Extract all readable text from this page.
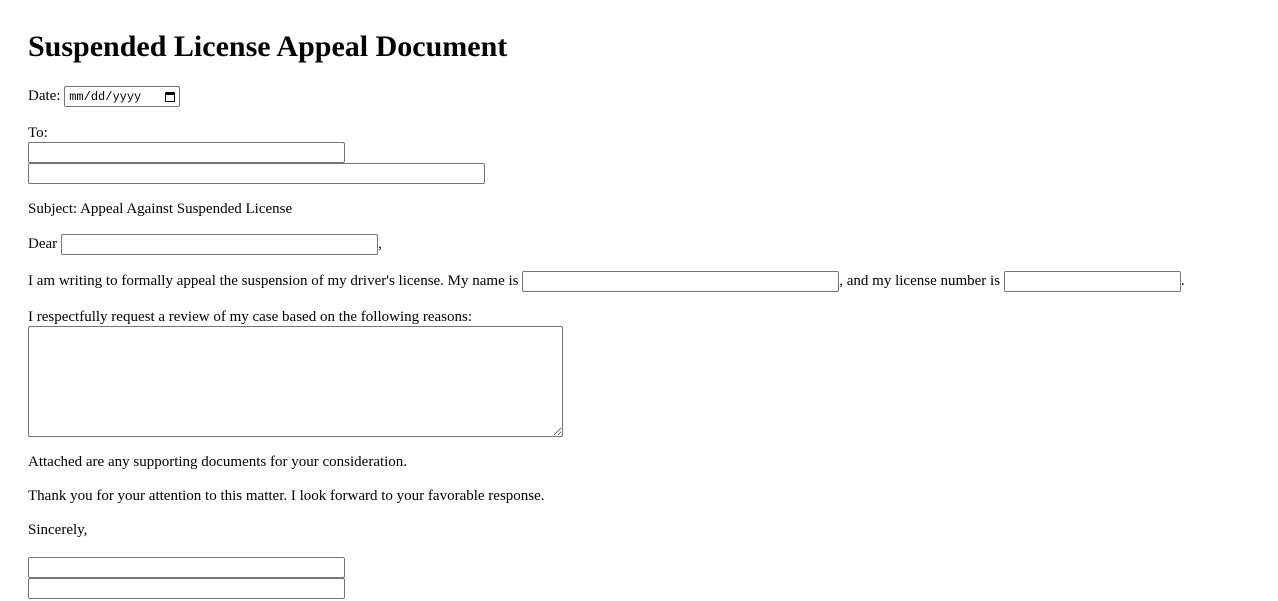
Suspended License Appeal Document
Date: mm/dd/yyyy
To:
Subject: Appeal Against Suspended License
Dear	,
I am writing to formally appeal the suspension of my driver's license. My name is	, and my license number is	.
I respectfully request a review of my case based on the following reasons:
Attached are any supporting documents for your consideration.
Thank you for your attention to this matter. I look forward to your favorable response.
Sincerely,
